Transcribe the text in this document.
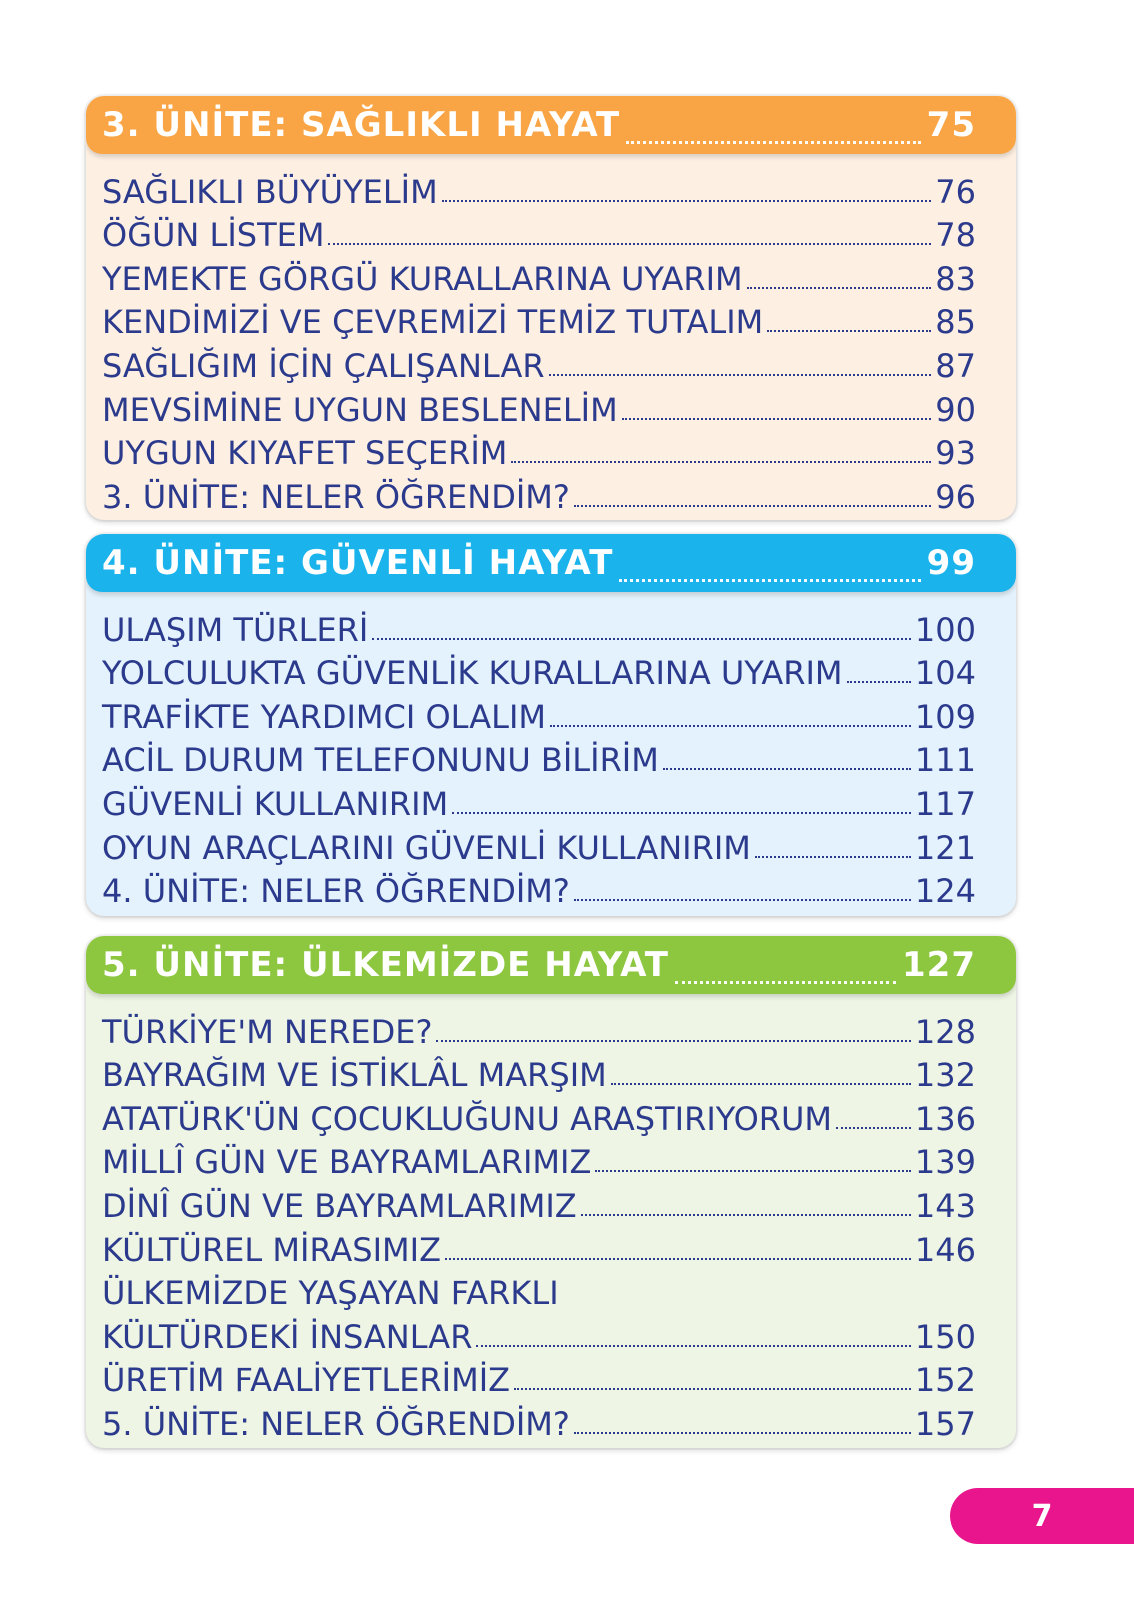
3. ÜNİTE: SAĞLIKLI HAYAT	75
SAĞLIKLI BÜYÜYELİM	76
ÖĞÜN LİSTEM	78
YEMEKTE GÖRGÜ KURALLARINA UYARIM	83
KENDİMİZİ VE ÇEVREMİZİ TEMİZ TUTALIM	85
SAĞLIĞIM İÇİN ÇALIŞANLAR	87
MEVSİMİNE UYGUN BESLENELİM	90
UYGUN KIYAFET SEÇERİM	93
3. ÜNİTE: NELER ÖĞRENDİM?	96
4. ÜNİTE: GÜVENLİ HAYAT	99
ULAŞIM TÜRLERİ	100
YOLCULUKTA GÜVENLİK KURALLARINA UYARIM 104
TRAFİKTE YARDIMCI OLALIM	109
ACİL DURUM TELEFONUNU BİLİRİM	111
GÜVENLİ KULLANIRIM	117
OYUN ARAÇLARINI GÜVENLİ KULLANIRIM	121
4. ÜNİTE: NELER ÖĞRENDİM?	124
5. ÜNİTE: ÜLKEMİZDE HAYAT	127
TÜRKİYE'M NEREDE?	128
BAYRAĞIM VE İSTİKLÂL MARŞIM	132
ATATÜRK'ÜN ÇOCUKLUĞUNU ARAŞTIRIYORUM	136
MİLLÎ GÜN VE BAYRAMLARIMIZ	139
DİNÎ GÜN VE BAYRAMLARIMIZ	143
KÜLTÜREL MİRASIMIZ	146
ÜLKEMİZDE YAŞAYAN FARKLI
KÜLTÜRDEKİ İNSANLAR	150
ÜRETİM FAALİYETLERİMİZ	152
5. ÜNİTE: NELER ÖĞRENDİM?	157
7
